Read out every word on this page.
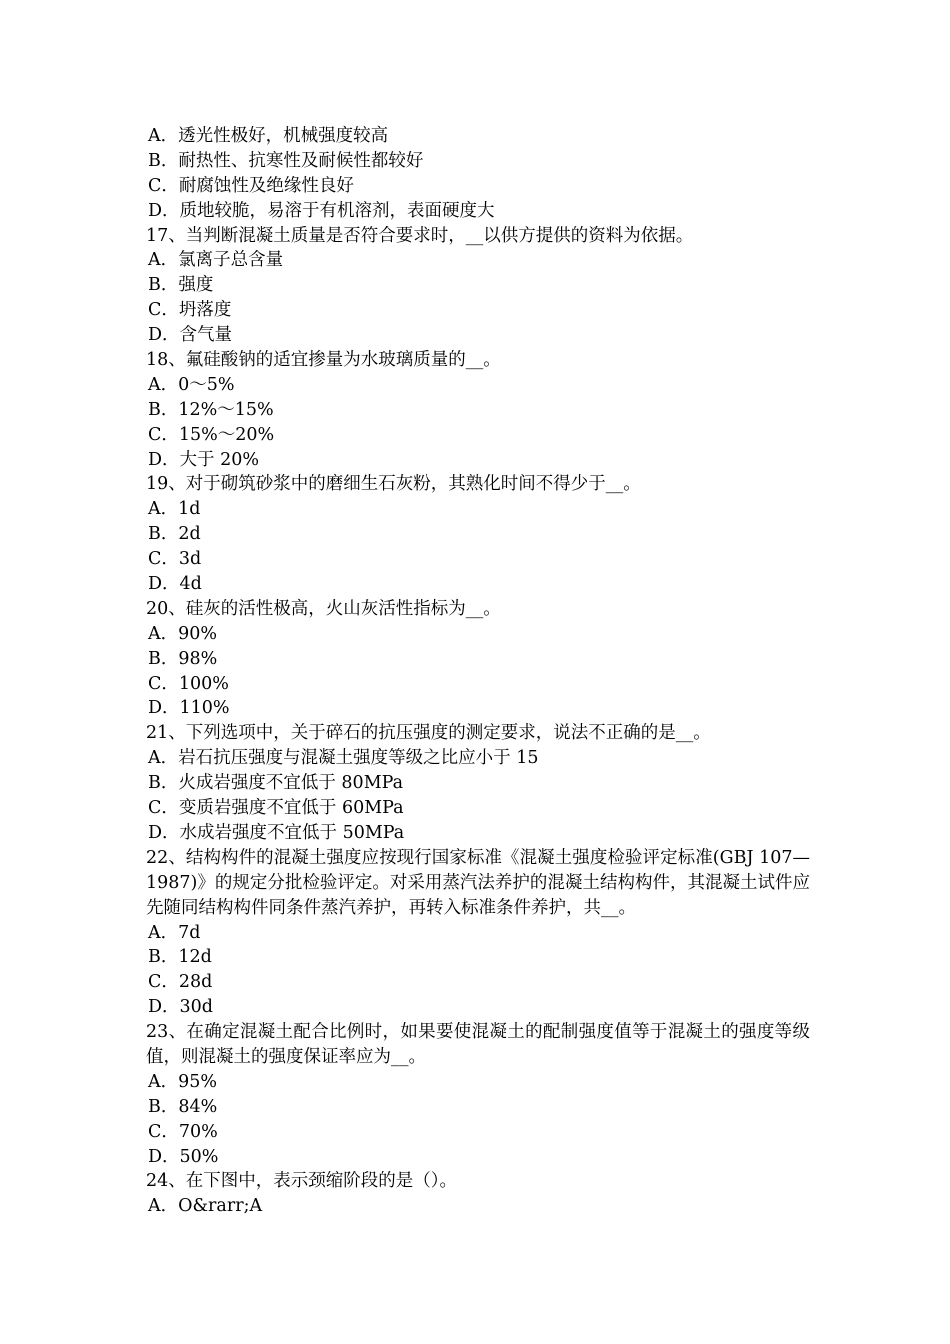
A．透光性极好，机械强度较高
B．耐热性、抗寒性及耐候性都较好
C．耐腐蚀性及绝缘性良好
D．质地较脆，易溶于有机溶剂，表面硬度大
17、当判断混凝土质量是否符合要求时，__以供方提供的资料为依据。
A．氯离子总含量
B．强度
C．坍落度
D．含气量
18、氟硅酸钠的适宜掺量为水玻璃质量的__。
A．0～5%
B．12%～15%
C．15%～20%
D．大于 20%
19、对于砌筑砂浆中的磨细生石灰粉，其熟化时间不得少于__。
A．1d
B．2d
C．3d
D．4d
20、硅灰的活性极高，火山灰活性指标为__。
A．90%
B．98%
C．100%
D．110%
21、下列选项中，关于碎石的抗压强度的测定要求，说法不正确的是__。
A．岩石抗压强度与混凝土强度等级之比应小于 15
B．火成岩强度不宜低于 80MPa
C．变质岩强度不宜低于 60MPa
D．水成岩强度不宜低于 50MPa
22、结构构件的混凝土强度应按现行国家标准《混凝土强度检验评定标准(GBJ 107—1987)》的规定分批检验评定。对采用蒸汽法养护的混凝土结构构件，其混凝土试件应先随同结构构件同条件蒸汽养护，再转入标准条件养护，共__。
A．7d
B．12d
C．28d
D．30d
23、在确定混凝土配合比例时，如果要使混凝土的配制强度值等于混凝土的强度等级值，则混凝土的强度保证率应为__。
A．95%
B．84%
C．70%
D．50%
24、在下图中，表示颈缩阶段的是（）。
A．O&rarr;A
